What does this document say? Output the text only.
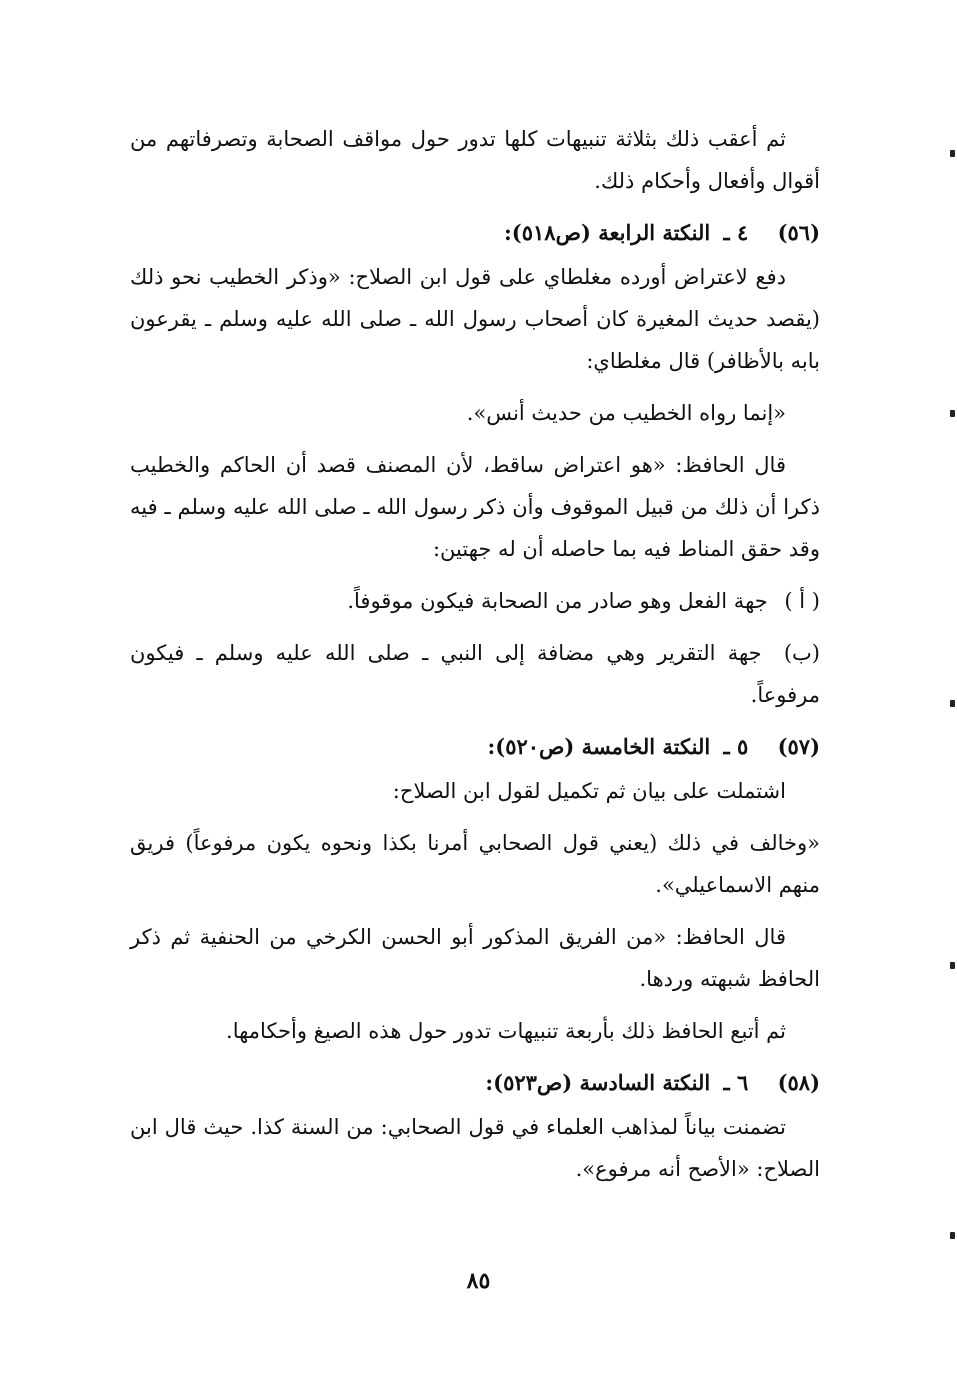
ثم أعقب ذلك بثلاثة تنبيهات كلها تدور حول مواقف الصحابة وتصرفاتهم من أقوال وأفعال وأحكام ذلك.

(٥٦) ٤ ـ النكتة الرابعة (ص٥١٨):

دفع لاعتراض أورده مغلطاي على قول ابن الصلاح: «وذكر الخطيب نحو ذلك (يقصد حديث المغيرة كان أصحاب رسول الله ـ صلى الله عليه وسلم ـ يقرعون بابه بالأظافر) قال مغلطاي:

«إنما رواه الخطيب من حديث أنس».

قال الحافظ: «هو اعتراض ساقط، لأن المصنف قصد أن الحاكم والخطيب ذكرا أن ذلك من قبيل الموقوف وأن ذكر رسول الله ـ صلى الله عليه وسلم ـ فيه وقد حقق المناط فيه بما حاصله أن له جهتين:

( أ ) جهة الفعل وهو صادر من الصحابة فيكون موقوفاً.
(ب) جهة التقرير وهي مضافة إلى النبي ـ صلى الله عليه وسلم ـ فيكون مرفوعاً.
(٥٧) ٥ ـ النكتة الخامسة (ص٥٢٠):

اشتملت على بيان ثم تكميل لقول ابن الصلاح:

«وخالف في ذلك (يعني قول الصحابي أمرنا بكذا ونحوه يكون مرفوعاً) فريق منهم الاسماعيلي».

قال الحافظ: «من الفريق المذكور أبو الحسن الكرخي من الحنفية ثم ذكر الحافظ شبهته وردها.

ثم أتبع الحافظ ذلك بأربعة تنبيهات تدور حول هذه الصيغ وأحكامها.

(٥٨) ٦ ـ النكتة السادسة (ص٥٢٣):

تضمنت بياناً لمذاهب العلماء في قول الصحابي: من السنة كذا. حيث قال ابن الصلاح: «الأصح أنه مرفوع».

٨٥
